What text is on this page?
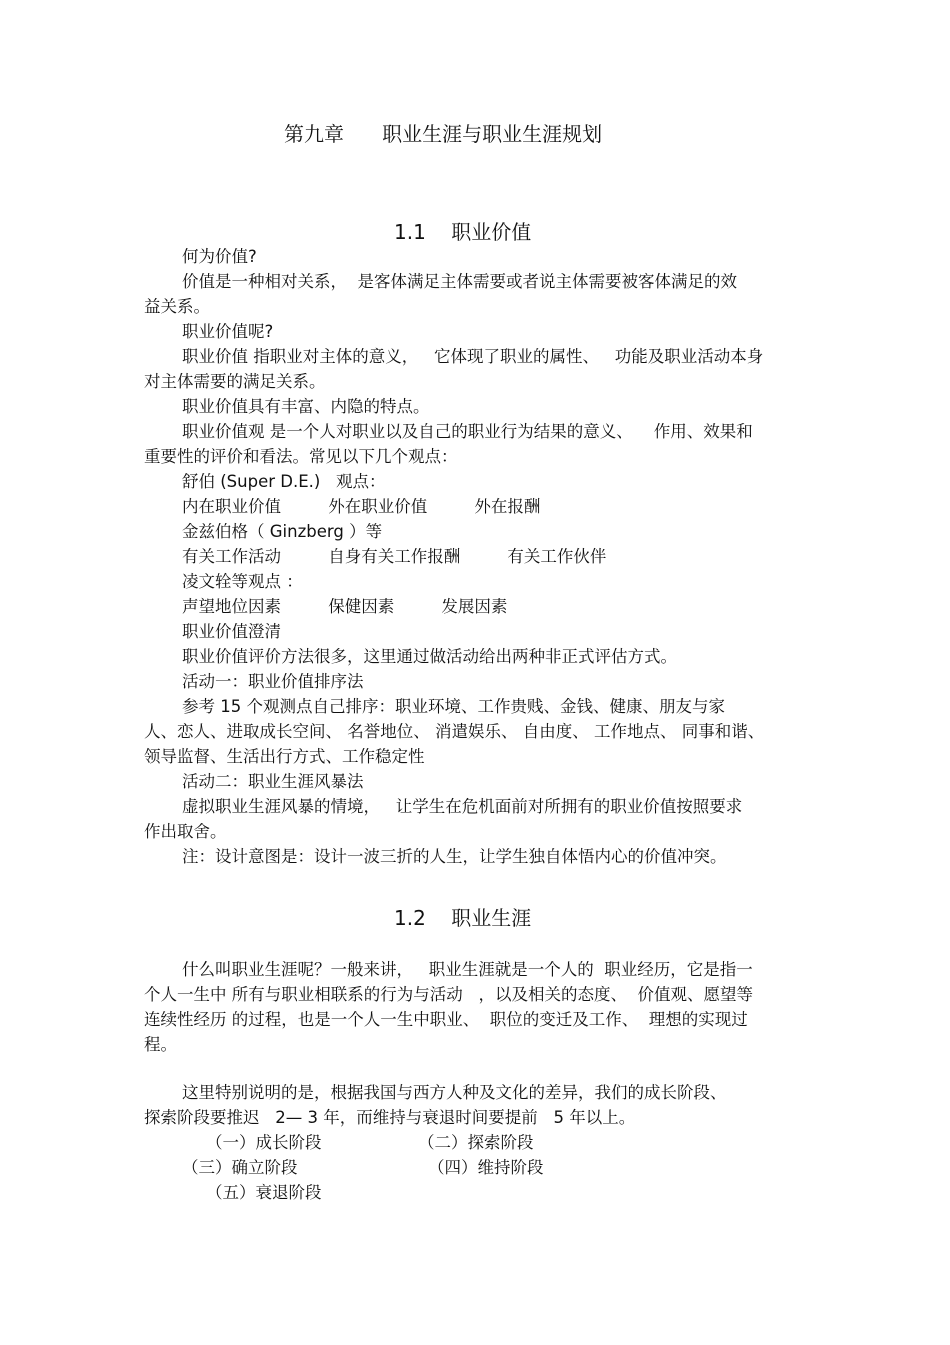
第九章      职业生涯与职业生涯规划
1.1    职业价值
何为价值?
价值是一种相对关系，  是客体满足主体需要或者说主体需要被客体满足的效
益关系。
职业价值呢?
职业价值 指职业对主体的意义，   它体现了职业的属性、   功能及职业活动本身
对主体需要的满足关系。
职业价值具有丰富、内隐的特点。
职业价值观 是一个人对职业以及自己的职业行为结果的意义、    作用、效果和
重要性的评价和看法。常见以下几个观点：
舒伯 (Super D.E.)   观点：
内在职业价值         外在职业价值         外在报酬
金兹伯格（ Ginzberg ）等
有关工作活动         自身有关工作报酬         有关工作伙伴
凌文辁等观点 ：
声望地位因素         保健因素         发展因素
职业价值澄清
职业价值评价方法很多，这里通过做活动给出两种非正式评估方式。
活动一：职业价值排序法
参考 15 个观测点自己排序：职业环境、工作贵贱、金钱、健康、朋友与家
人、恋人、进取成长空间、 名誉地位、 消遣娱乐、 自由度、 工作地点、 同事和谐、
领导监督、生活出行方式、工作稳定性
活动二：职业生涯风暴法
虚拟职业生涯风暴的情境，   让学生在危机面前对所拥有的职业价值按照要求
作出取舍。
注：设计意图是：设计一波三折的人生，让学生独自体悟内心的价值冲突。
1.2    职业生涯
什么叫职业生涯呢？一般来讲，   职业生涯就是一个人的  职业经历，它是指一
个人一生中 所有与职业相联系的行为与活动   ，以及相关的态度、  价值观、愿望等
连续性经历 的过程，也是一个人一生中职业、  职位的变迁及工作、  理想的实现过
程。
这里特别说明的是，根据我国与西方人种及文化的差异，我们的成长阶段、
探索阶段要推迟   2— 3 年，而维持与衰退时间要提前   5 年以上。
（一）成长阶段	（二）探索阶段
（三）确立阶段	（四）维持阶段
（五）衰退阶段
